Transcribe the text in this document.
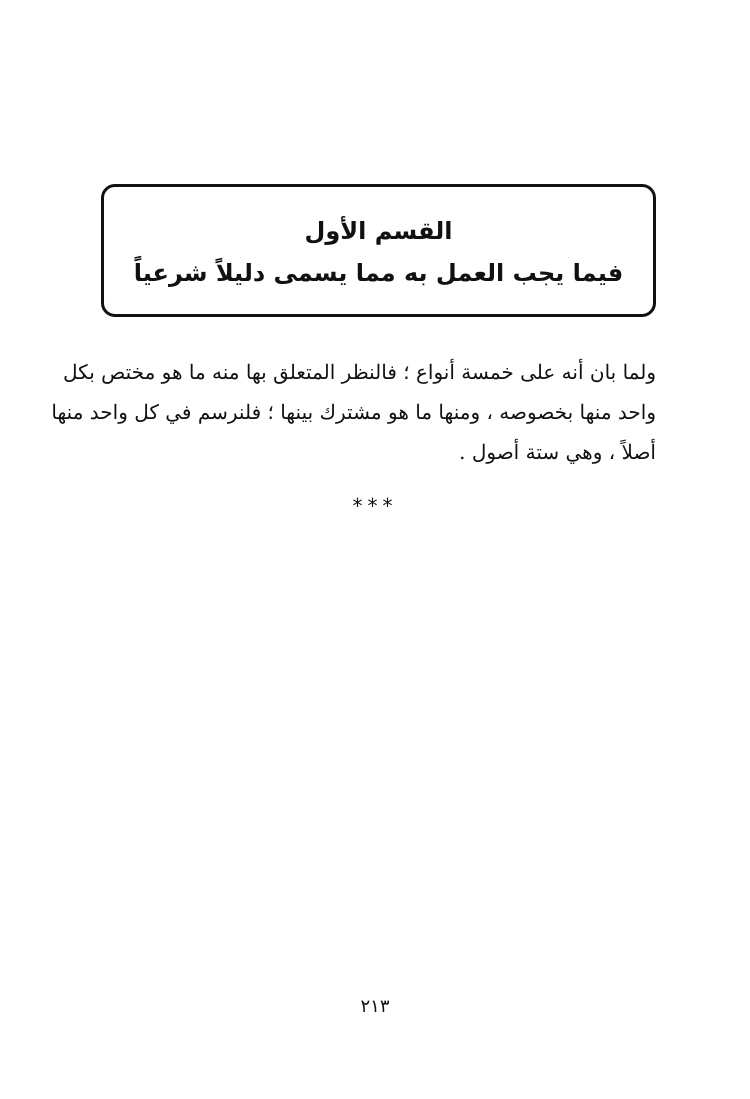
القسم الأول
فيما يجب العمل به مما يسمى دليلاً شرعياً
ولما بان أنه على خمسة أنواع ؛ فالنظر المتعلق بها منه ما هو مختص بكل
واحد منها بخصوصه ، ومنها ما هو مشترك بينها ؛ فلنرسم في كل واحد منها
أصلاً ، وهي ستة أصول .
***
٢١٣
